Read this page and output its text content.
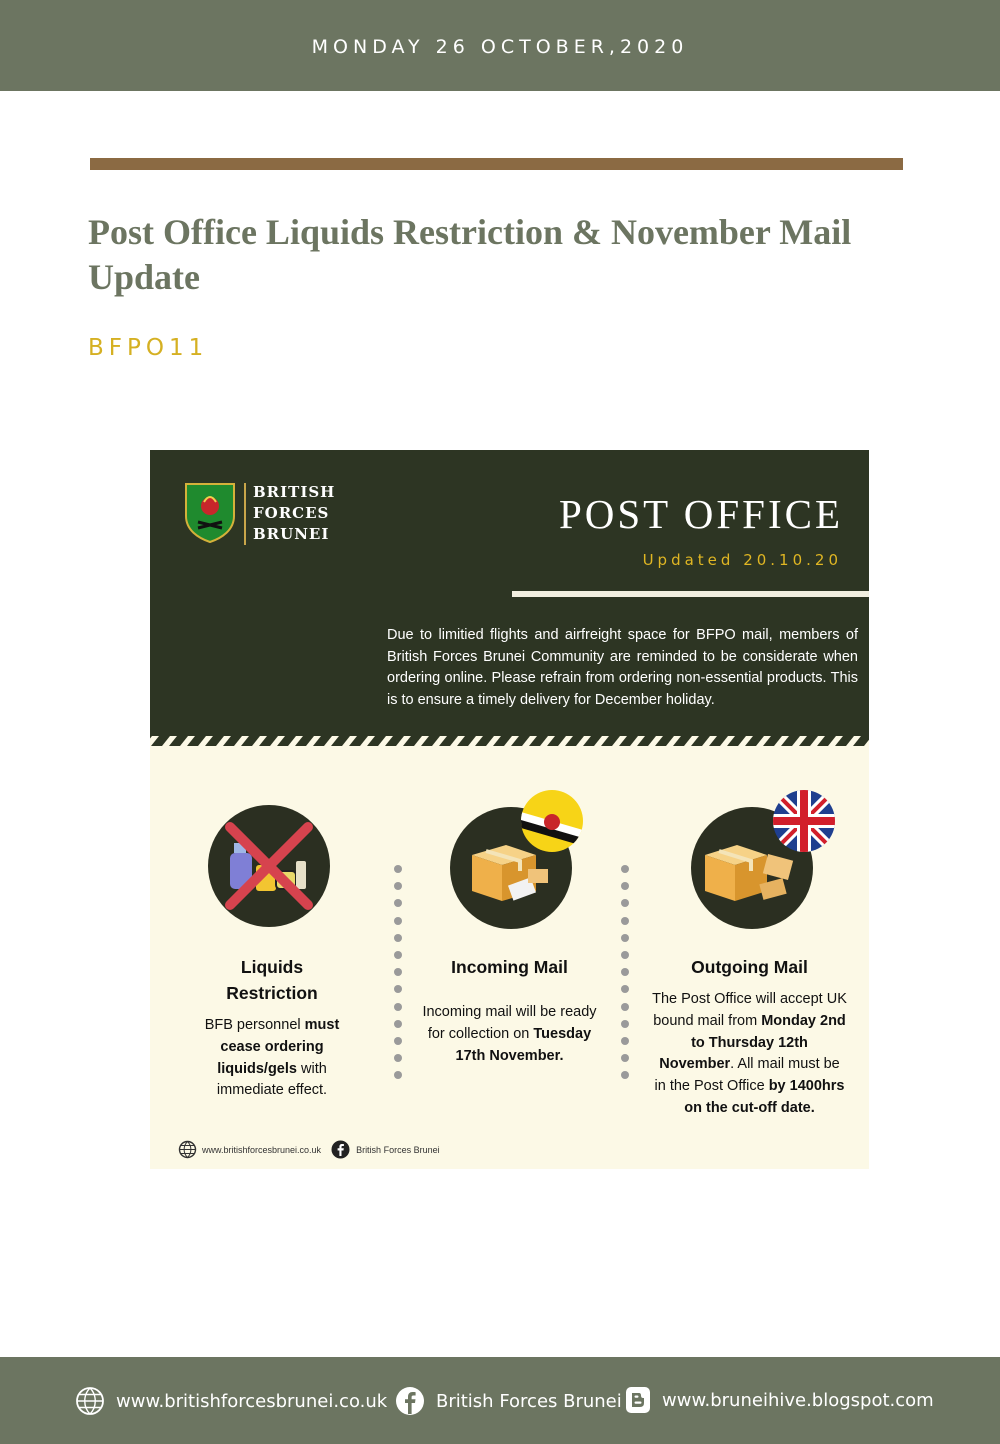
MONDAY 26 OCTOBER,2020
Post Office Liquids Restriction & November Mail Update
BFPO11
BRITISH
FORCES
BRUNEI	POST OFFICE
Updated 20.10.20

Due to limitied flights and airfreight space for BFPO mail, members of British Forces Brunei Community are reminded to be considerate when ordering online. Please refrain from ordering non-essential products. This is to ensure a timely delivery for December holiday.

Liquids
Restriction

BFB personnel must cease ordering liquids/gels with immediate effect.

Incoming Mail

Incoming mail will be ready for collection on Tuesday 17th November.

Outgoing Mail

The Post Office will accept UK bound mail from Monday 2nd to Thursday 12th November. All mail must be in the Post Office by 1400hrs on the cut-off date.

www.britishforcesbrunei.co.uk	British Forces Brunei
www.britishforcesbrunei.co.uk	British Forces Brunei www.bruneihive.blogspot.com
